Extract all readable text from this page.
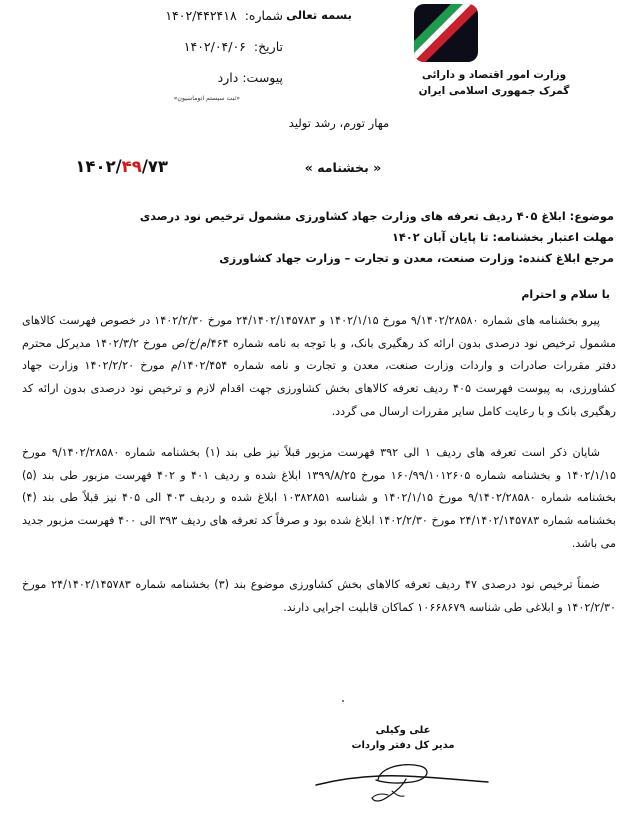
بسمه تعالی
شماره:
۱۴۰۲/۴۴۲۴۱۸
تاریخ:
۱۴۰۲/۰۴/۰۶
پیوست:
دارد
«ثبت سیستم اتوماسیون»
وزارت امور اقتصاد و دارائی
گمرک جمهوری اسلامی ایران
مهار تورم، رشد تولید
۱۴۰۲/۴۹/۷۳	« بخشنامه »
موضوع: ابلاغ ۴۰۵ ردیف تعرفه های وزارت جهاد کشاورزی مشمول ترخیص نود درصدی
مهلت اعتبار بخشنامه: تا پایان آبان ۱۴۰۲
مرجع ابلاغ کننده: وزارت صنعت، معدن و تجارت – وزارت جهاد کشاورزی
با سلام و احترام

پیرو بخشنامه های شماره ۹/۱۴۰۲/۲۸۵۸۰ مورخ ۱۴۰۲/۱/۱۵ و ۲۴/۱۴۰۲/۱۴۵۷۸۳ مورخ ۱۴۰۲/۲/۳۰ در خصوص فهرست کالاهای مشمول ترخیص نود درصدی بدون ارائه کد رهگیری بانک، و با توجه به نامه شماره ۴۶۴/م/خ/ص مورخ ۱۴۰۲/۳/۲ مدیرکل محترم دفتر مقررات صادرات و واردات وزارت صنعت، معدن و تجارت و نامه شماره ۱۴۰۲/۴۵۴/م مورخ ۱۴۰۲/۲/۲۰ وزارت جهاد کشاورزی، به پیوست فهرست ۴۰۵ ردیف تعرفه کالاهای بخش کشاورزی جهت اقدام لازم و ترخیص نود درصدی بدون ارائه کد رهگیری بانک و با رعایت کامل سایر مقررات ارسال می گردد.

شایان ذکر است تعرفه های ردیف ۱ الی ۳۹۲ فهرست مزبور قبلاً نیز طی بند (۱) بخشنامه شماره ۹/۱۴۰۲/۲۸۵۸۰ مورخ ۱۴۰۲/۱/۱۵ و بخشنامه شماره ۱۶۰/۹۹/۱۰۱۲۶۰۵ مورخ ۱۳۹۹/۸/۲۵ ابلاغ شده و ردیف ۴۰۱ و ۴۰۲ فهرست مزبور طی بند (۵) بخشنامه شماره ۹/۱۴۰۲/۲۸۵۸۰ مورخ ۱۴۰۲/۱/۱۵ و شناسه ۱۰۳۸۲۸۵۱ ابلاغ شده و ردیف ۴۰۳ الی ۴۰۵ نیز قبلاً طی بند (۴) بخشنامه شماره ۲۴/۱۴۰۲/۱۴۵۷۸۳ مورخ ۱۴۰۲/۲/۳۰ ابلاغ شده بود و صرفاً کد تعرفه های ردیف ۳۹۳ الی ۴۰۰ فهرست مزبور جدید می باشد.

ضمناً ترخیص نود درصدی ۴۷ ردیف تعرفه کالاهای بخش کشاورزی موضوع بند (۳) بخشنامه شماره ۲۴/۱۴۰۲/۱۴۵۷۸۳ مورخ ۱۴۰۲/۲/۳۰ و ابلاغی طی شناسه ۱۰۶۶۸۶۷۹ کماکان قابلیت اجرایی دارند.

علی وکیلی
مدیر کل دفتر واردات
